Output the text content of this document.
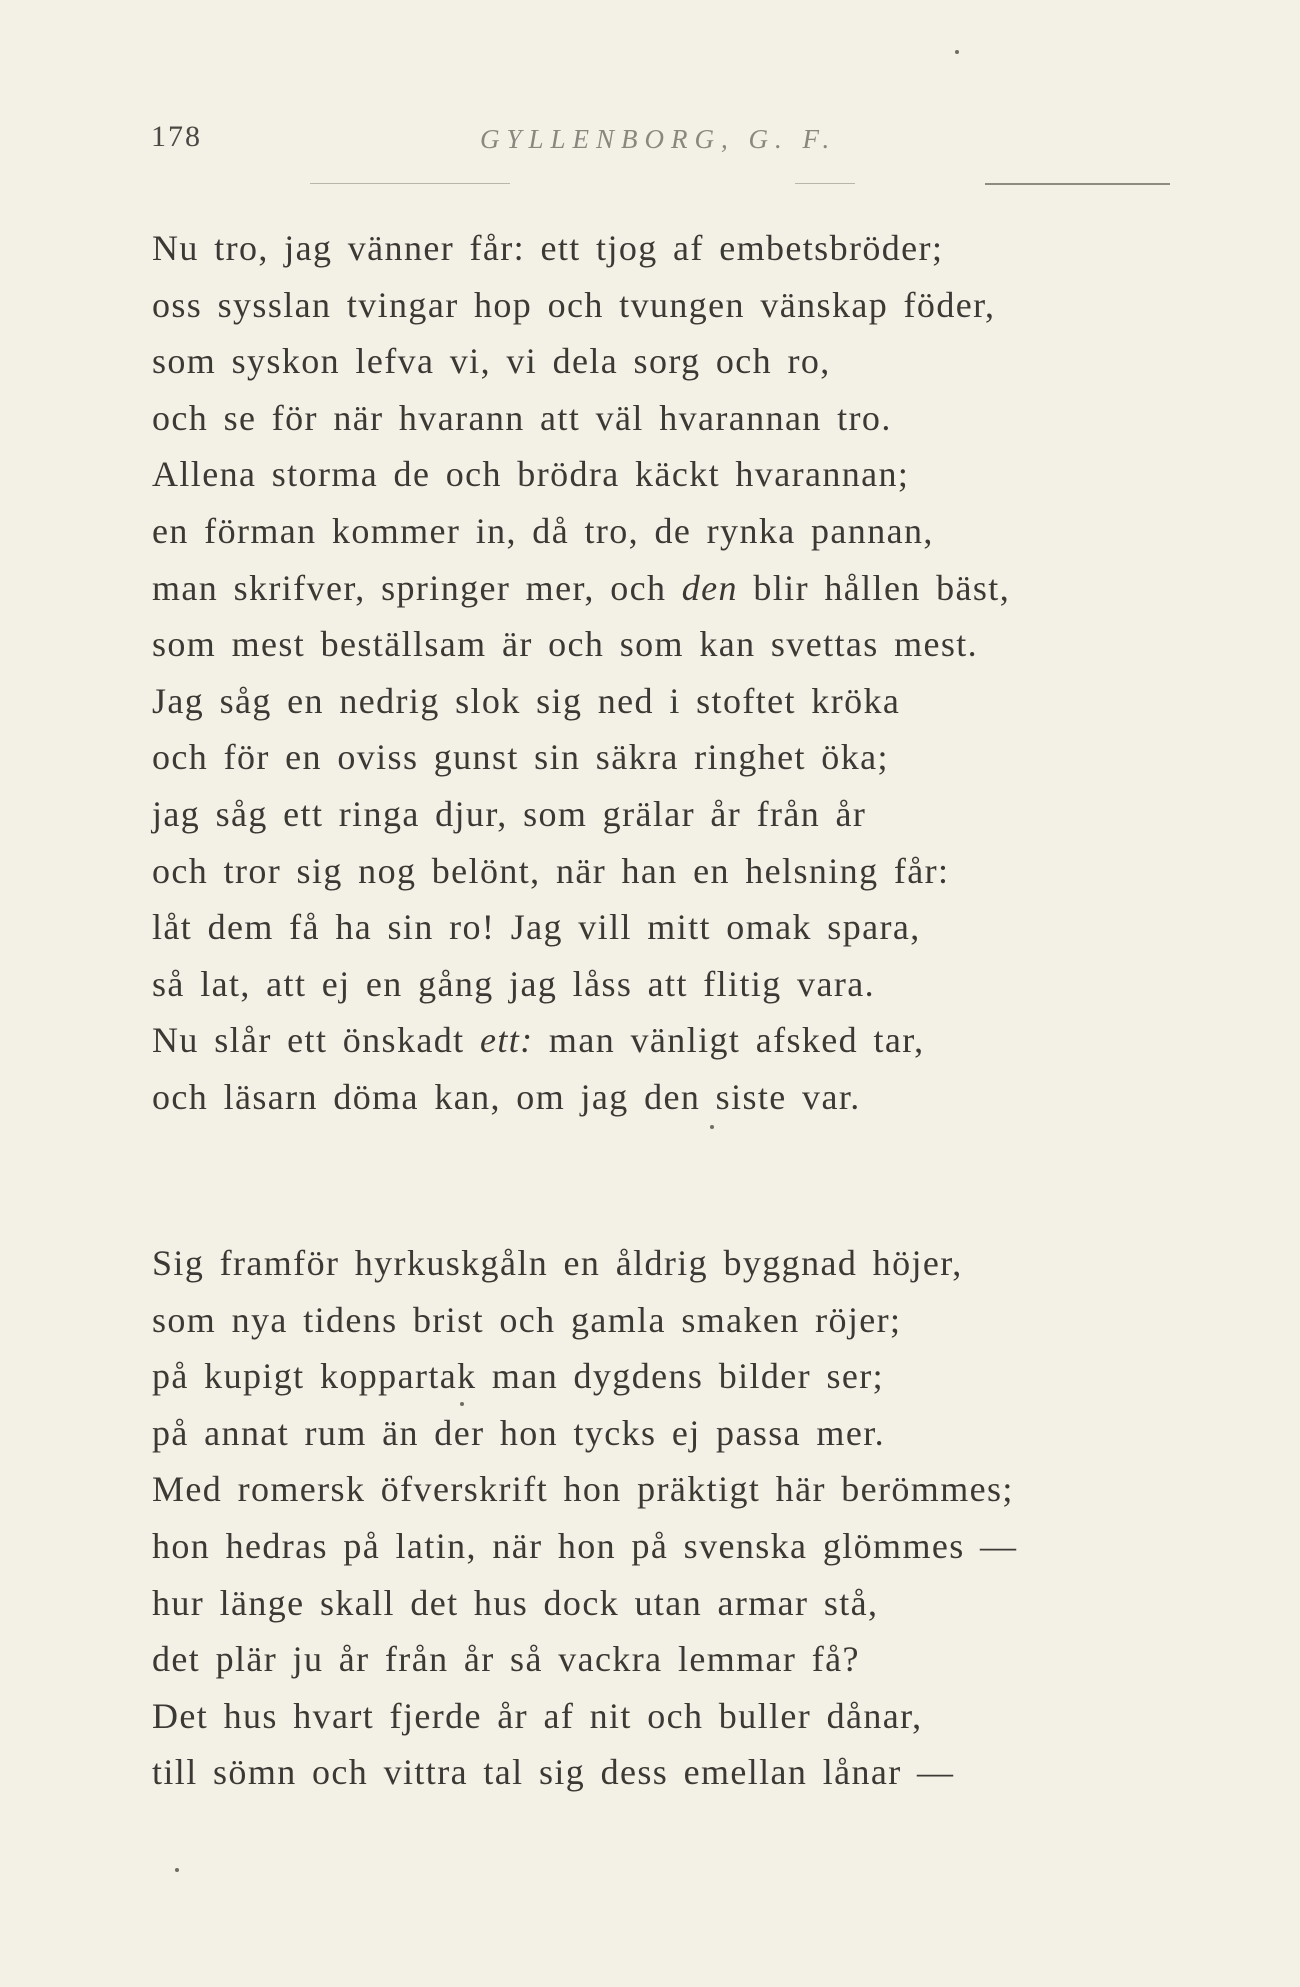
178	GYLLENBORG, G. F.
Nu tro, jag vänner får: ett tjog af embetsbröder;
oss sysslan tvingar hop och tvungen vänskap föder,
som syskon lefva vi, vi dela sorg och ro,
och se för när hvarann att väl hvarannan tro.
Allena storma de och brödra käckt hvarannan;
en förman kommer in, då tro, de rynka pannan,
man skrifver, springer mer, och den blir hållen bäst,
som mest beställsam är och som kan svettas mest.
Jag såg en nedrig slok sig ned i stoftet kröka
och för en oviss gunst sin säkra ringhet öka;
jag såg ett ringa djur, som grälar år från år
och tror sig nog belönt, när han en helsning får:
låt dem få ha sin ro! Jag vill mitt omak spara,
så lat, att ej en gång jag låss att flitig vara.
Nu slår ett önskadt ett: man vänligt afsked tar,
och läsarn döma kan, om jag den siste var.
Sig framför hyrkuskgåln en åldrig byggnad höjer,
som nya tidens brist och gamla smaken röjer;
på kupigt koppartak man dygdens bilder ser;
på annat rum än der hon tycks ej passa mer.
Med romersk öfverskrift hon präktigt här berömmes;
hon hedras på latin, när hon på svenska glömmes —
hur länge skall det hus dock utan armar stå,
det plär ju år från år så vackra lemmar få?
Det hus hvart fjerde år af nit och buller dånar,
till sömn och vittra tal sig dess emellan lånar —
